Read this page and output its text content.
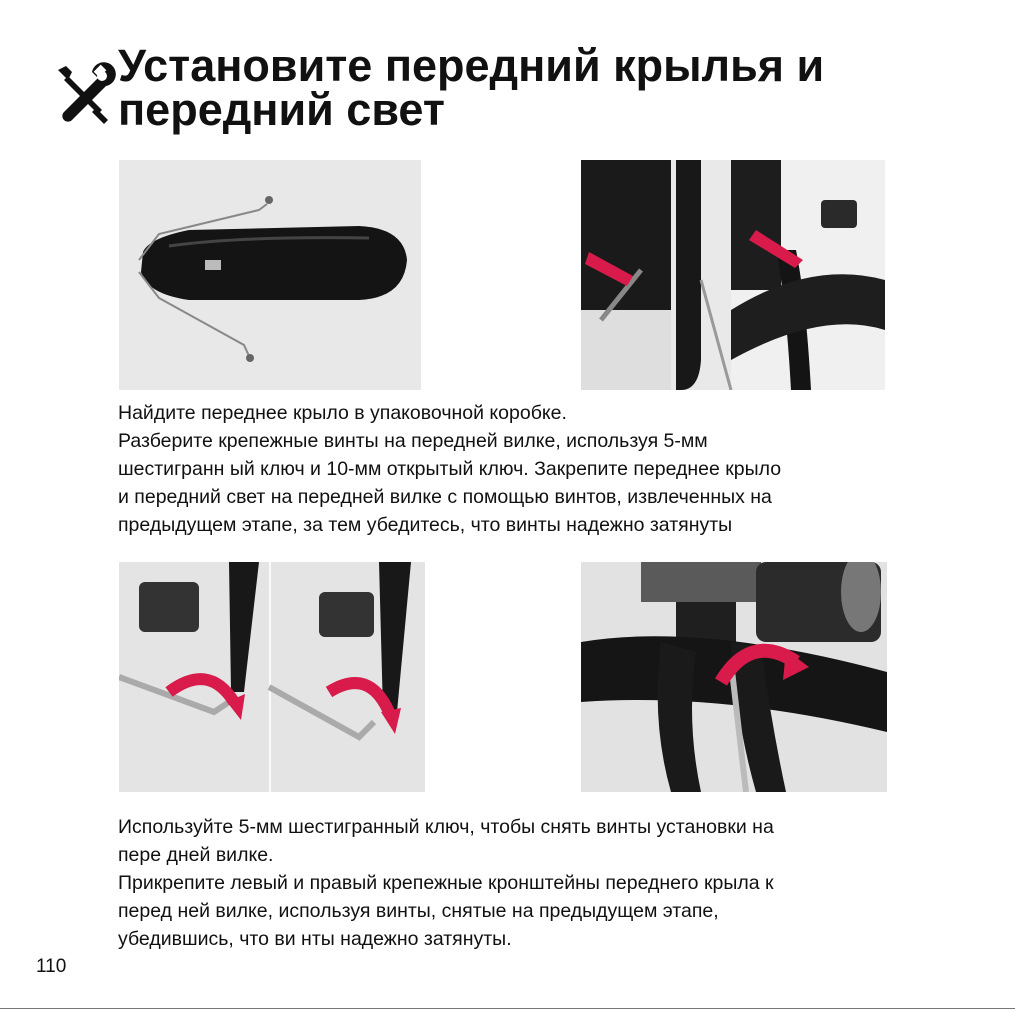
Установите передний крылья и
передний свет

Найдите переднее крыло в упаковочной коробке.

Разберите крепежные винты на передней вилке, используя 5-мм

шестигранн ый ключ и 10-мм открытый ключ. Закрепите переднее крыло

и передний свет на передней вилке с помощью винтов, извлеченных на

предыдущем этапе, за тем убедитесь, что винты надежно затянуты

Используйте 5-мм шестигранный ключ, чтобы снять винты установки на

пере дней вилке.

Прикрепите левый и правый крепежные кронштейны переднего крыла к

перед ней вилке, используя винты, снятые на предыдущем этапе,

убедившись, что ви нты надежно затянуты.

110
